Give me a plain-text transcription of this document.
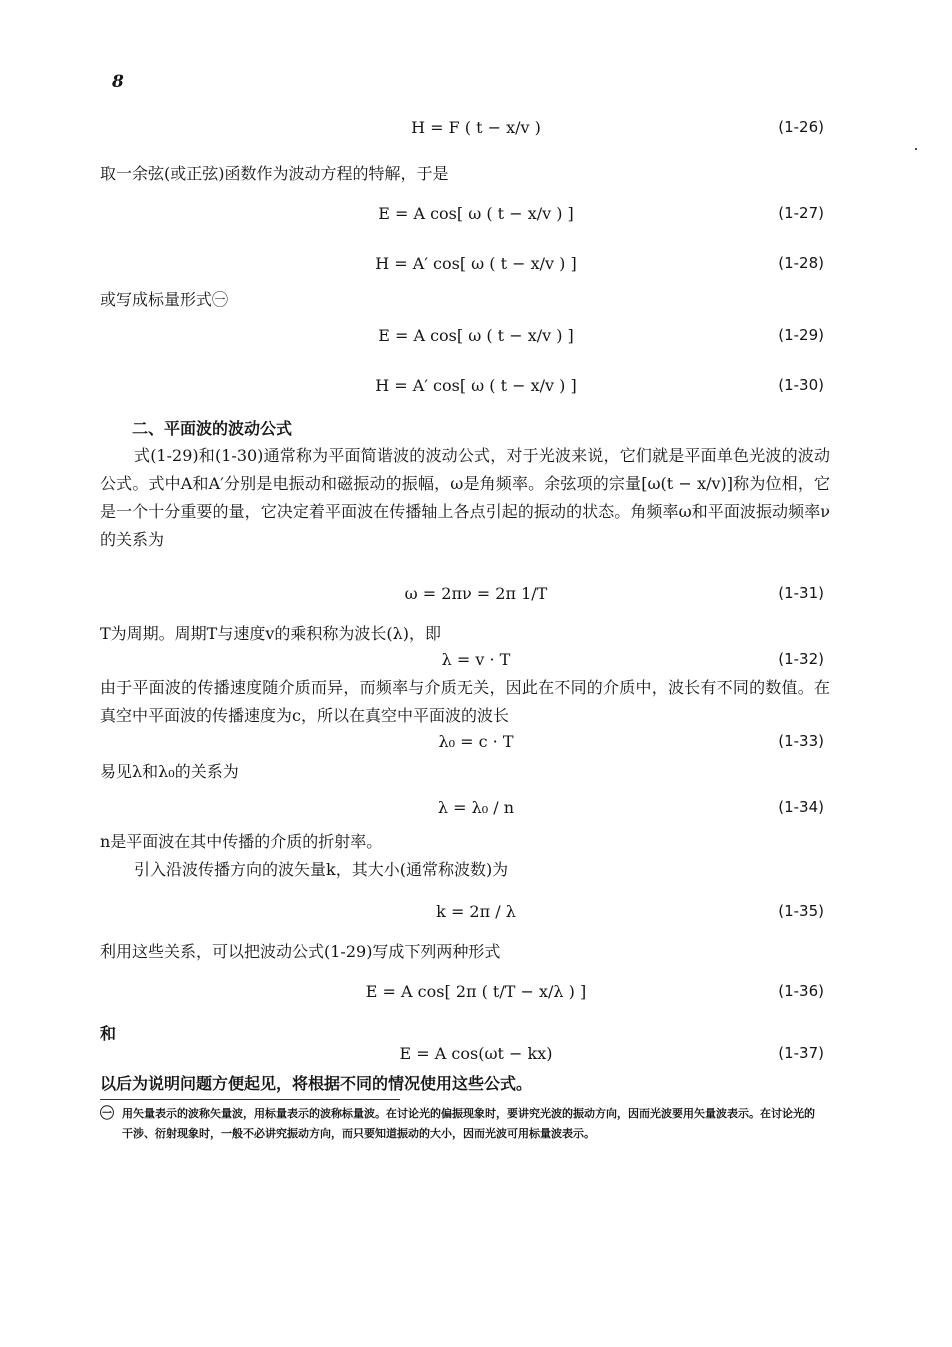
8
H = F ( t − x/v )	(1-26)
取一余弦(或正弦)函数作为波动方程的特解，于是
E = A cos[ ω ( t − x/v ) ]	(1-27)
H = A′ cos[ ω ( t − x/v ) ]	(1-28)
或写成标量形式㊀
E = A cos[ ω ( t − x/v ) ]	(1-29)
H = A′ cos[ ω ( t − x/v ) ]	(1-30)
二、平面波的波动公式
式(1-29)和(1-30)通常称为平面简谐波的波动公式，对于光波来说，它们就是平面单色光波的波动公式。式中A和A′分别是电振动和磁振动的振幅，ω是角频率。余弦项的宗量[ω(t − x/v)]称为位相，它是一个十分重要的量，它决定着平面波在传播轴上各点引起的振动的状态。角频率ω和平面波振动频率ν的关系为
ω = 2πν = 2π 1/T	(1-31)
T为周期。周期T与速度v的乘积称为波长(λ)，即
λ = v · T	(1-32)
由于平面波的传播速度随介质而异，而频率与介质无关，因此在不同的介质中，波长有不同的数值。在真空中平面波的传播速度为c，所以在真空中平面波的波长
λ₀ = c · T	(1-33)
易见λ和λ₀的关系为
λ = λ₀ / n	(1-34)
n是平面波在其中传播的介质的折射率。
引入沿波传播方向的波矢量k，其大小(通常称波数)为
k = 2π / λ	(1-35)
利用这些关系，可以把波动公式(1-29)写成下列两种形式
E = A cos[ 2π ( t/T − x/λ ) ]	(1-36)
和
E = A cos(ωt − kx)	(1-37)
以后为说明问题方便起见，将根据不同的情况使用这些公式。
㊀ 用矢量表示的波称矢量波，用标量表示的波称标量波。在讨论光的偏振现象时，要讲究光波的振动方向，因而光波要用矢量波表示。在讨论光的干涉、衍射现象时，一般不必讲究振动方向，而只要知道振动的大小，因而光波可用标量波表示。
